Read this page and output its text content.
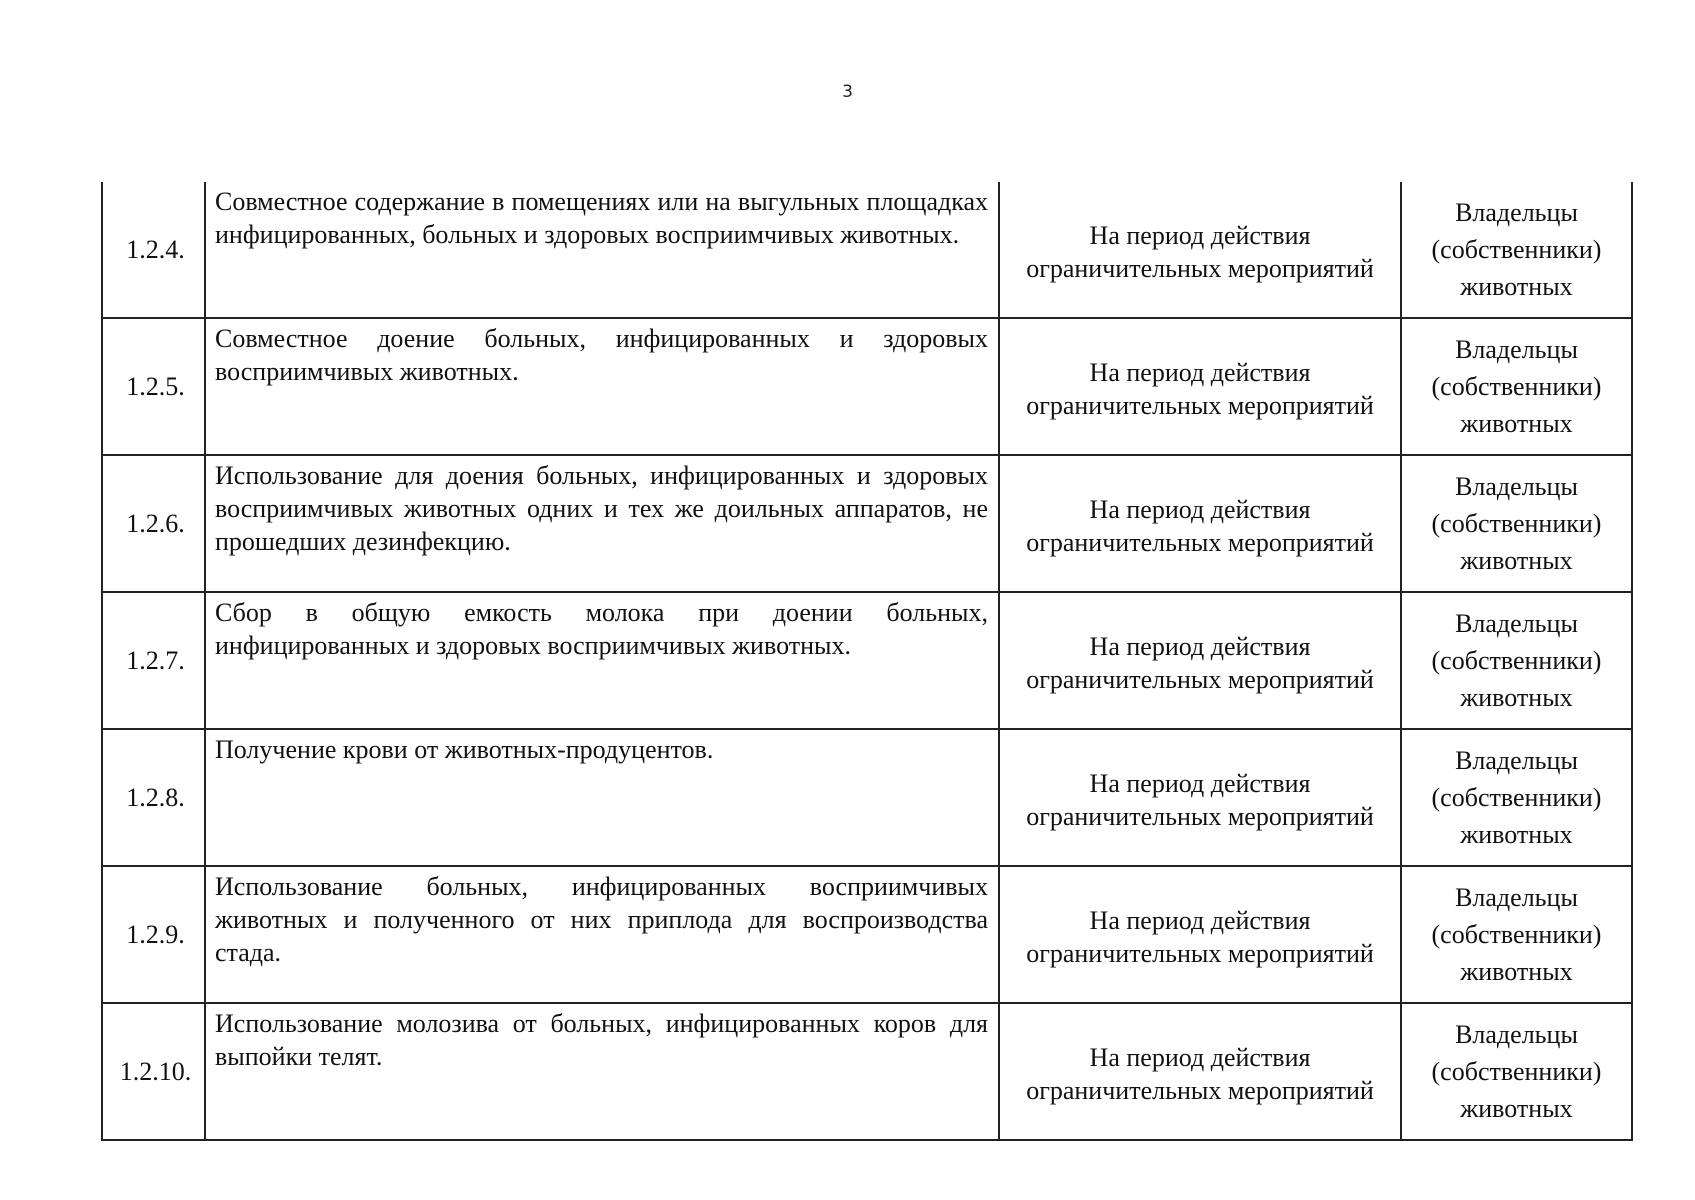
3
1.2.4.	Совместное содержание в помещениях или на выгульных площадках инфицированных, больных и здоровых восприимчивых животных.	На период действия
ограничительных мероприятий	Владельцы
(собственники)
животных

1.2.5.	Совместное доение больных, инфицированных и здоровых восприимчивых животных.	На период действия
ограничительных мероприятий	Владельцы
(собственники)
животных

1.2.6.	Использование для доения больных, инфицированных и здоровых восприимчивых животных одних и тех же доильных аппаратов, не прошедших дезинфекцию.	На период действия
ограничительных мероприятий	Владельцы
(собственники)
животных

1.2.7.	Сбор в общую емкость молока при доении больных, инфицированных и здоровых восприимчивых животных.	На период действия
ограничительных мероприятий	Владельцы
(собственники)
животных

1.2.8.	Получение крови от животных-продуцентов.	На период действия
ограничительных мероприятий	Владельцы
(собственники)
животных

1.2.9.	Использование больных, инфицированных восприимчивых животных и полученного от них приплода для воспроизводства стада.	На период действия
ограничительных мероприятий	Владельцы
(собственники)
животных

1.2.10.	Использование молозива от больных, инфицированных коров для выпойки телят.	На период действия
ограничительных мероприятий	Владельцы
(собственники)
животных
